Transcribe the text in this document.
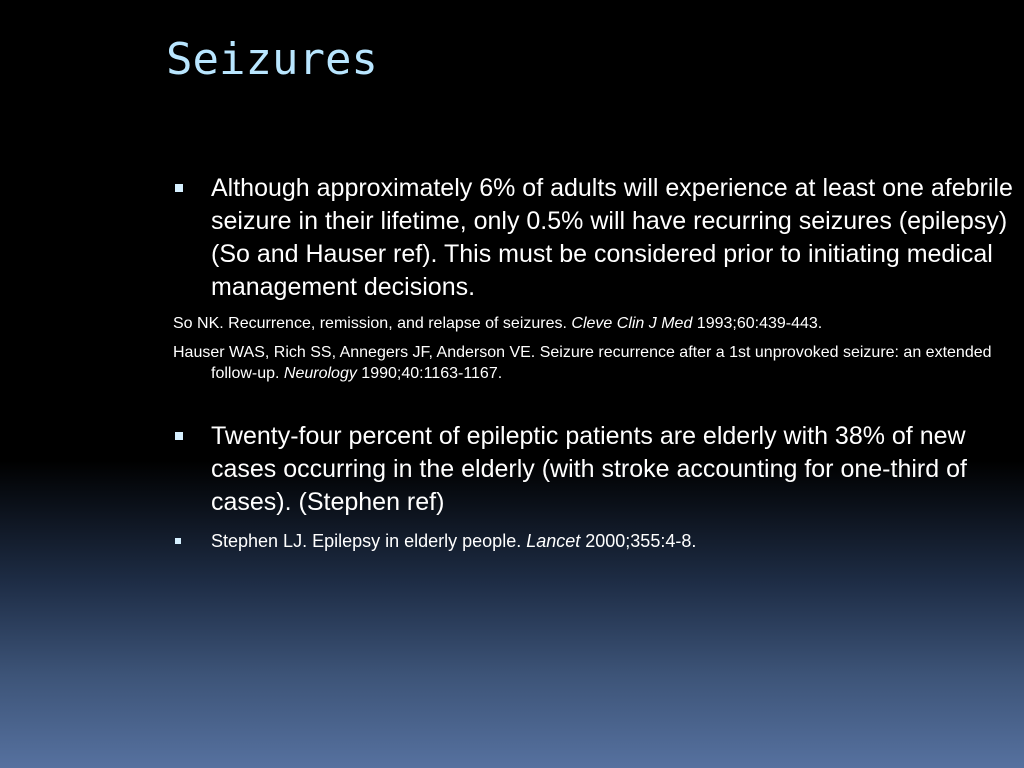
Seizures
Although approximately 6% of adults will experience at least one afebrile seizure in their lifetime, only 0.5% will have recurring seizures (epilepsy) (So and Hauser ref). This must be considered prior to initiating medical management decisions.
So NK. Recurrence, remission, and relapse of seizures. Cleve Clin J Med 1993;60:439-443.
Hauser WAS, Rich SS, Annegers JF, Anderson VE. Seizure recurrence after a 1st unprovoked seizure: an extended follow-up. Neurology 1990;40:1163-1167.
Twenty-four percent of epileptic patients are elderly with 38% of new cases occurring in the elderly (with stroke accounting for one-third of cases). (Stephen ref)
Stephen LJ. Epilepsy in elderly people. Lancet 2000;355:4-8.
